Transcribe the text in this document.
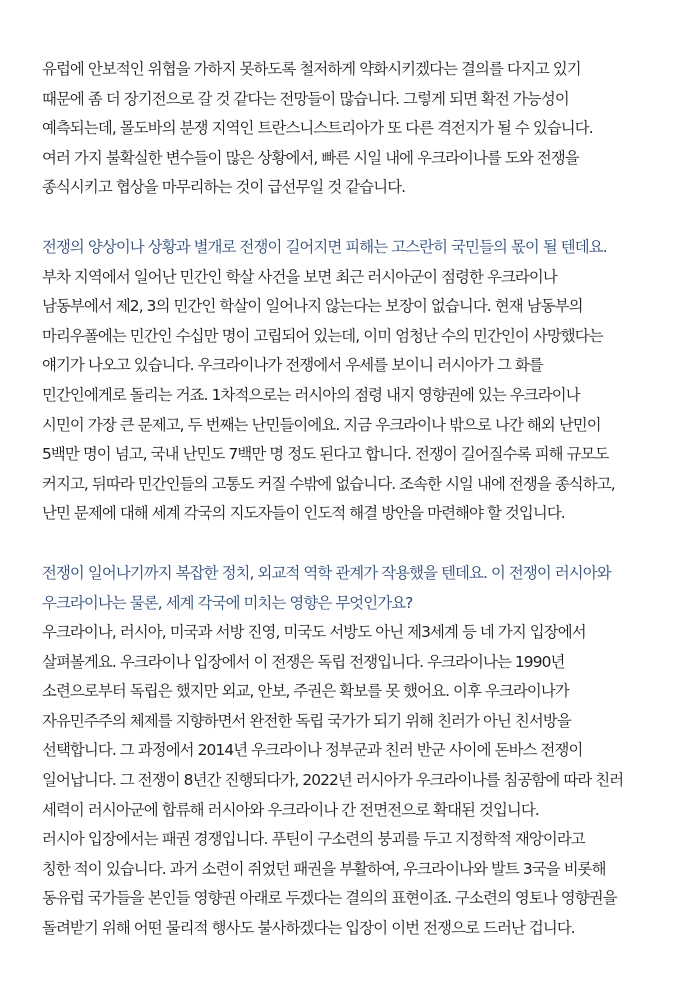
유럽에 안보적인 위협을 가하지 못하도록 철저하게 약화시키겠다는 결의를 다지고 있기
때문에 좀 더 장기전으로 갈 것 같다는 전망들이 많습니다. 그렇게 되면 확전 가능성이
예측되는데, 몰도바의 분쟁 지역인 트란스니스트리아가 또 다른 격전지가 될 수 있습니다.
여러 가지 불확실한 변수들이 많은 상황에서, 빠른 시일 내에 우크라이나를 도와 전쟁을
종식시키고 협상을 마무리하는 것이 급선무일 것 같습니다.
전쟁의 양상이나 상황과 별개로 전쟁이 길어지면 피해는 고스란히 국민들의 몫이 될 텐데요.
부차 지역에서 일어난 민간인 학살 사건을 보면 최근 러시아군이 점령한 우크라이나
남동부에서 제2, 3의 민간인 학살이 일어나지 않는다는 보장이 없습니다. 현재 남동부의
마리우폴에는 민간인 수십만 명이 고립되어 있는데, 이미 엄청난 수의 민간인이 사망했다는
얘기가 나오고 있습니다. 우크라이나가 전쟁에서 우세를 보이니 러시아가 그 화를
민간인에게로 돌리는 거죠. 1차적으로는 러시아의 점령 내지 영향권에 있는 우크라이나
시민이 가장 큰 문제고, 두 번째는 난민들이에요. 지금 우크라이나 밖으로 나간 해외 난민이
5백만 명이 넘고, 국내 난민도 7백만 명 정도 된다고 합니다. 전쟁이 길어질수록 피해 규모도
커지고, 뒤따라 민간인들의 고통도 커질 수밖에 없습니다. 조속한 시일 내에 전쟁을 종식하고,
난민 문제에 대해 세계 각국의 지도자들이 인도적 해결 방안을 마련해야 할 것입니다.
전쟁이 일어나기까지 복잡한 정치, 외교적 역학 관계가 작용했을 텐데요. 이 전쟁이 러시아와
우크라이나는 물론, 세계 각국에 미치는 영향은 무엇인가요?
우크라이나, 러시아, 미국과 서방 진영, 미국도 서방도 아닌 제3세계 등 네 가지 입장에서
살펴볼게요. 우크라이나 입장에서 이 전쟁은 독립 전쟁입니다. 우크라이나는 1990년
소련으로부터 독립은 했지만 외교, 안보, 주권은 확보를 못 했어요. 이후 우크라이나가
자유민주주의 체제를 지향하면서 완전한 독립 국가가 되기 위해 친러가 아닌 친서방을
선택합니다. 그 과정에서 2014년 우크라이나 정부군과 친러 반군 사이에 돈바스 전쟁이
일어납니다. 그 전쟁이 8년간 진행되다가, 2022년 러시아가 우크라이나를 침공함에 따라 친러
세력이 러시아군에 합류해 러시아와 우크라이나 간 전면전으로 확대된 것입니다.
러시아 입장에서는 패권 경쟁입니다. 푸틴이 구소련의 붕괴를 두고 지정학적 재앙이라고
칭한 적이 있습니다. 과거 소련이 쥐었던 패권을 부활하여, 우크라이나와 발트 3국을 비롯해
동유럽 국가들을 본인들 영향권 아래로 두겠다는 결의의 표현이죠. 구소련의 영토나 영향권을
돌려받기 위해 어떤 물리적 행사도 불사하겠다는 입장이 이번 전쟁으로 드러난 겁니다.
